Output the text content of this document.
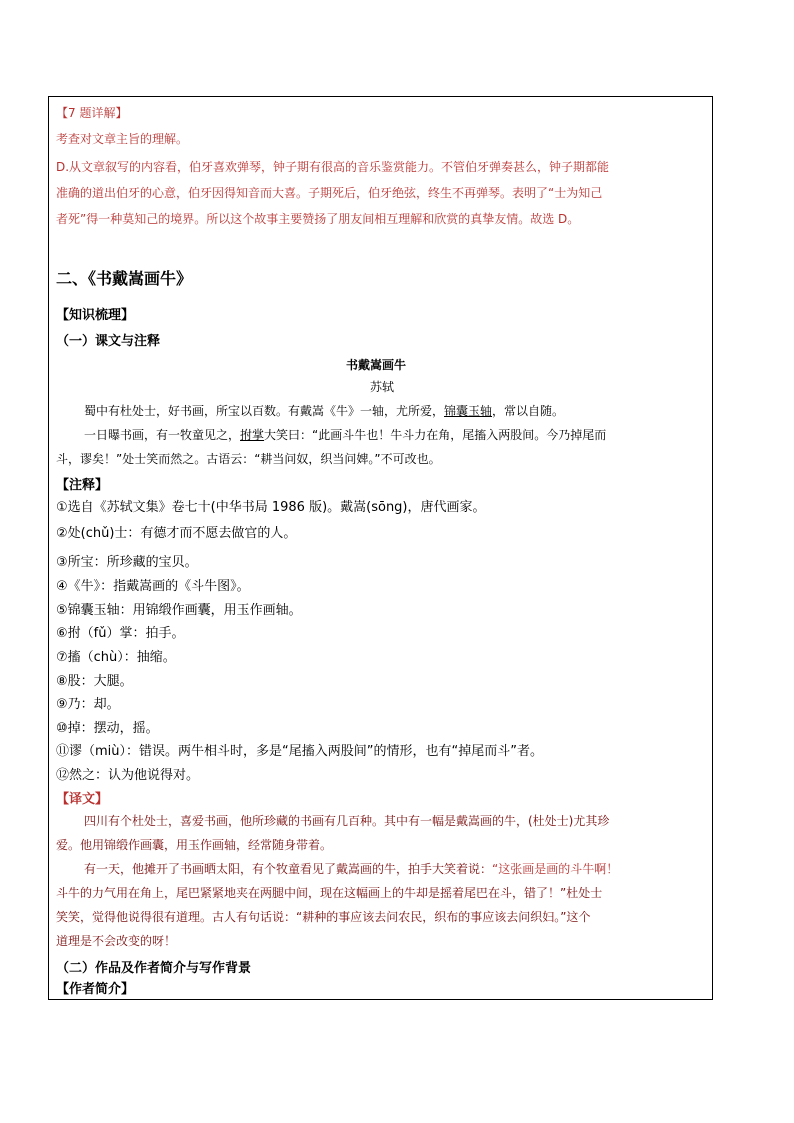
【7 题详解】
考查对文章主旨的理解。
D.从文章叙写的内容看，伯牙喜欢弹琴，钟子期有很高的音乐鉴赏能力。不管伯牙弹奏甚么，钟子期都能
准确的道出伯牙的心意，伯牙因得知音而大喜。子期死后，伯牙绝弦，终生不再弹琴。表明了“士为知己
者死”得一种莫知己的境界。所以这个故事主要赞扬了朋友间相互理解和欣赏的真挚友情。故选 D。
二、《书戴嵩画牛》
【知识梳理】
（一）课文与注释
书戴嵩画牛
苏轼
蜀中有杜处士，好书画，所宝以百数。有戴嵩《牛》一轴，尤所爱，锦囊玉轴，常以自随。
一日曝书画，有一牧童见之，拊掌大笑曰：“此画斗牛也！牛斗力在角，尾搐入两股间。今乃掉尾而
斗，谬矣！”处士笑而然之。古语云：“耕当问奴，织当问婢。”不可改也。
【注释】
①选自《苏轼文集》卷七十(中华书局 1986 版)。戴嵩(sōng)，唐代画家。
②处(chǔ)士：有德才而不愿去做官的人。
③所宝：所珍藏的宝贝。
④《牛》：指戴嵩画的《斗牛图》。
⑤锦囊玉轴：用锦缎作画囊，用玉作画轴。
⑥拊（fǔ）掌：拍手。
⑦搐（chù）：抽缩。
⑧股：大腿。
⑨乃：却。
⑩掉：摆动，摇。
⑪谬（miù）：错误。两牛相斗时，多是“尾搐入两股间”的情形，也有“掉尾而斗”者。
⑫然之：认为他说得对。
【译文】
四川有个杜处士，喜爱书画，他所珍藏的书画有几百种。其中有一幅是戴嵩画的牛，(杜处士)尤其珍
爱。他用锦缎作画囊，用玉作画轴，经常随身带着。
有一天，他摊开了书画晒太阳，有个牧童看见了戴嵩画的牛，拍手大笑着说：“这张画是画的斗牛啊！
斗牛的力气用在角上，尾巴紧紧地夹在两腿中间，现在这幅画上的牛却是摇着尾巴在斗，错了！”杜处士
笑笑，觉得他说得很有道理。古人有句话说：“耕种的事应该去问农民，织布的事应该去问织妇。”这个
道理是不会改变的呀！
（二）作品及作者简介与写作背景
【作者简介】
